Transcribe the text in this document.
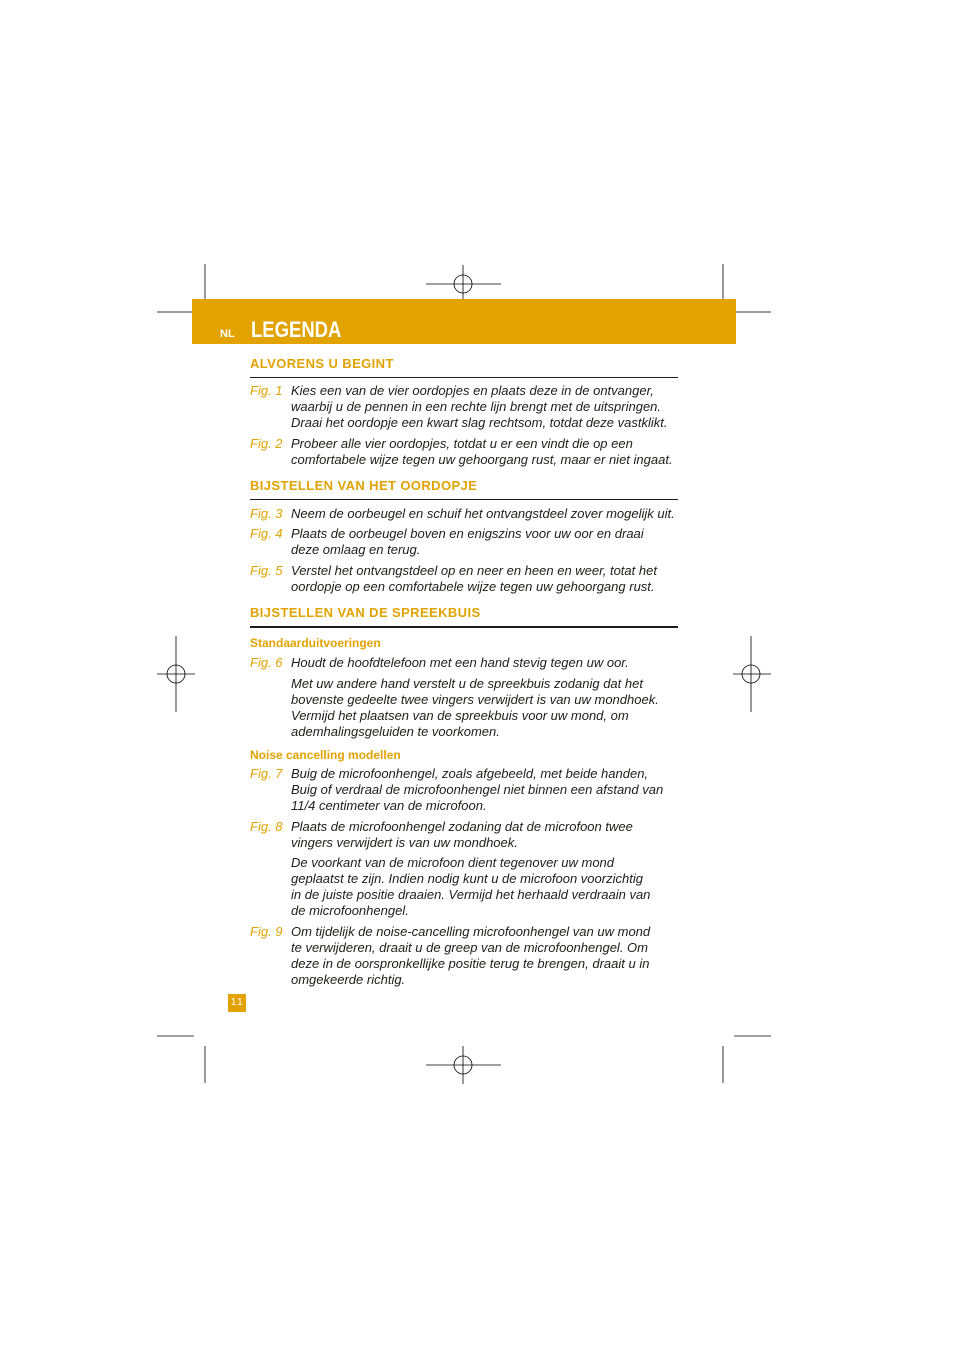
NL LEGENDA
ALVORENS U BEGINT
Fig. 1 Kies een van de vier oordopjes en plaats deze in de ontvanger,
waarbij u de pennen in een rechte lijn brengt met de uitspringen.
Draai het oordopje een kwart slag rechtsom, totdat deze vastklikt.
Fig. 2 Probeer alle vier oordopjes, totdat u er een vindt die op een
comfortabele wijze tegen uw gehoorgang rust, maar er niet ingaat.
BIJSTELLEN VAN HET OORDOPJE
Fig. 3 Neem de oorbeugel en schuif het ontvangstdeel zover mogelijk uit.
Fig. 4 Plaats de oorbeugel boven en enigszins voor uw oor en draai
deze omlaag en terug.
Fig. 5 Verstel het ontvangstdeel op en neer en heen en weer, totat het
oordopje op een comfortabele wijze tegen uw gehoorgang rust.
BIJSTELLEN VAN DE SPREEKBUIS
Standaarduitvoeringen
Fig. 6 Houdt de hoofdtelefoon met een hand stevig tegen uw oor.
Met uw andere hand verstelt u de spreekbuis zodanig dat het
bovenste gedeelte twee vingers verwijdert is van uw mondhoek.
Vermijd het plaatsen van de spreekbuis voor uw mond, om
ademhalingsgeluiden te voorkomen.
Noise cancelling modellen
Fig. 7 Buig de microfoonhengel, zoals afgebeeld, met beide handen,
Buig of verdraal de microfoonhengel niet binnen een afstand van
11/4 centimeter van de microfoon.
Fig. 8 Plaats de microfoonhengel zodaning dat de microfoon twee
vingers verwijdert is van uw mondhoek.
De voorkant van de microfoon dient tegenover uw mond
geplaatst te zijn. Indien nodig kunt u de microfoon voorzichtig
in de juiste positie draaien. Vermijd het herhaald verdraain van
de microfoonhengel.
Fig. 9 Om tijdelijk de noise-cancelling microfoonhengel van uw mond
te verwijderen, draait u de greep van de microfoonhengel. Om
deze in de oorspronkellijke positie terug te brengen, draait u in
omgekeerde richtig.
11
